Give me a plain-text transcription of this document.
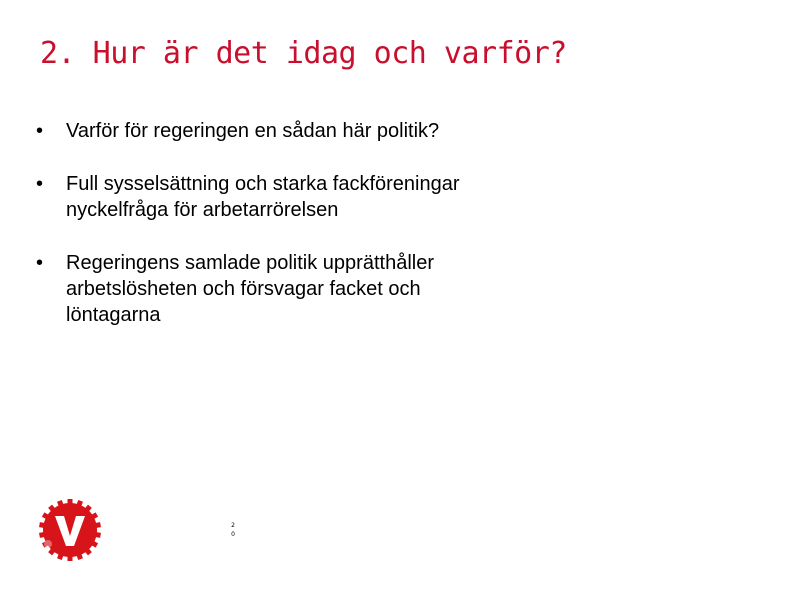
2. Hur är det idag och varför?
•	Varför för regeringen en sådan här politik?
•	Full sysselsättning och starka fackföreningar
nyckelfråga för arbetarrörelsen
•	Regeringens samlade politik upprätthåller
arbetslösheten och försvagar facket och
löntagarna
2
0
